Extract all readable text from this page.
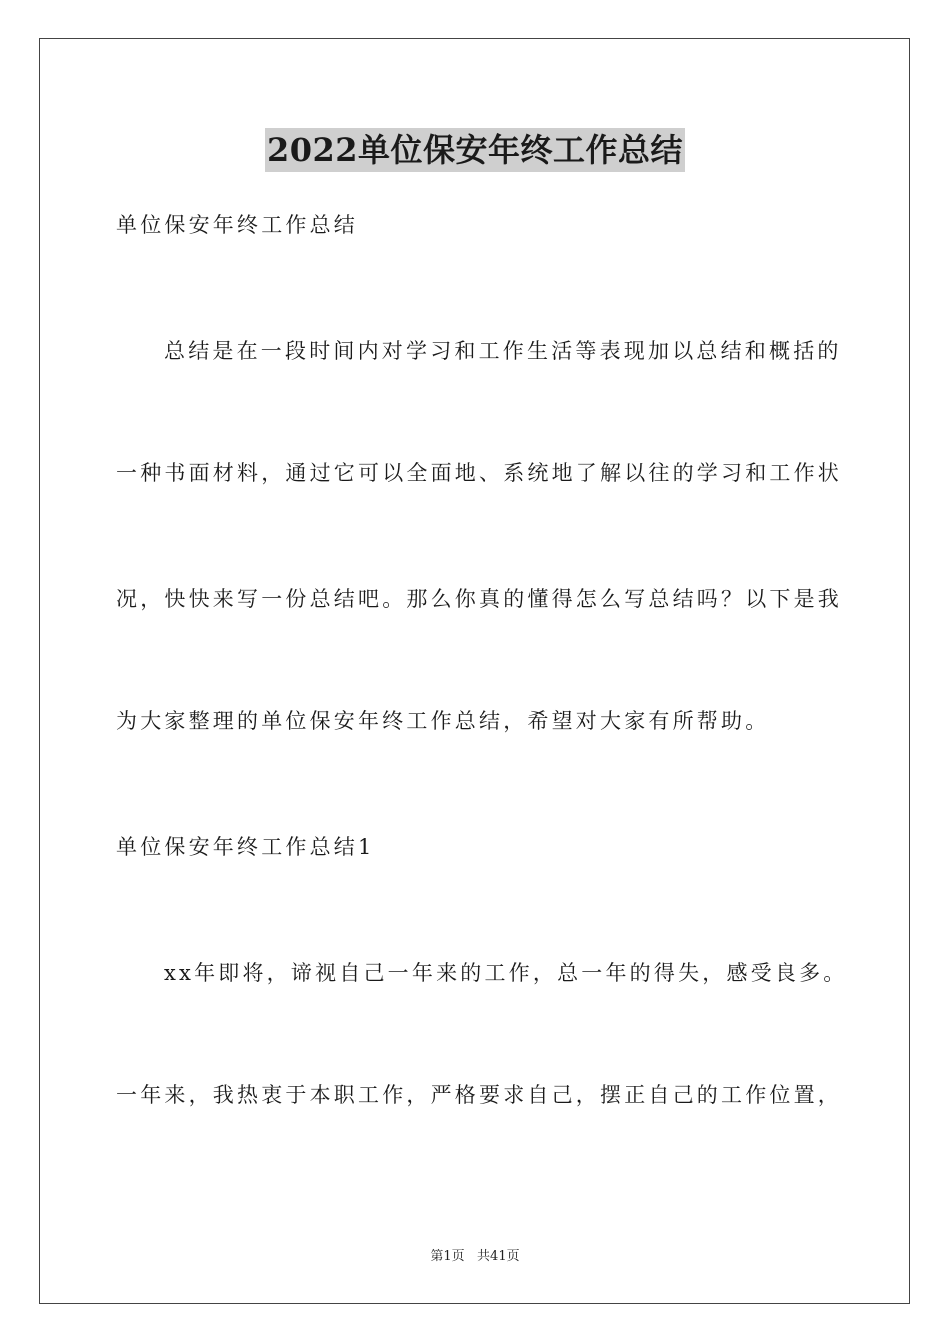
2022单位保安年终工作总结
单位保安年终工作总结
总结是在一段时间内对学习和工作生活等表现加以总结和概括的
一种书面材料，通过它可以全面地、系统地了解以往的学习和工作状
况，快快来写一份总结吧。那么你真的懂得怎么写总结吗？以下是我
为大家整理的单位保安年终工作总结，希望对大家有所帮助。
单位保安年终工作总结1
xx年即将，谛视自己一年来的工作，总一年的得失，感受良多。
一年来，我热衷于本职工作，严格要求自己，摆正自己的工作位置，
第1页   共41页
